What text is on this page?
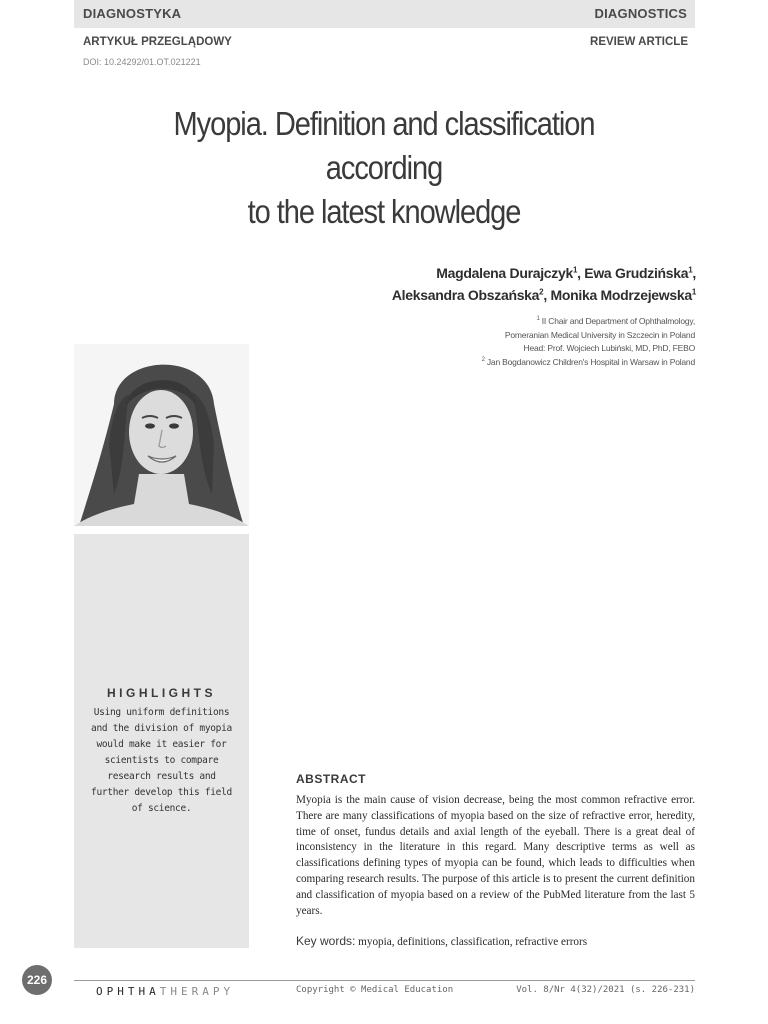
DIAGNOSTYKA	DIAGNOSTICS
ARTYKUŁ PRZEGLĄDOWY	REVIEW ARTICLE
DOI: 10.24292/01.OT.021221
Myopia. Definition and classification according
to the latest knowledge
Magdalena Durajczyk$^1$, Ewa Grudzińska$^1$,
Aleksandra Obszańska$^2$, Monika Modrzejewska$^1$
$^1$ II Chair and Department of Ophthalmology,
Pomeranian Medical University in Szczecin in Poland
Head: Prof. Wojciech Lubiński, MD, PhD, FEBO
$^2$ Jan Bogdanowicz Children's Hospital in Warsaw in Poland
HIGHLIGHTS
Using uniform definitions and the division of myopia would make it easier for scientists to compare research results and further develop this field of science.
ABSTRACT
Myopia is the main cause of vision decrease, being the most common refractive error. There are many classifications of myopia based on the size of refractive error, heredity, time of onset, fundus details and axial length of the eyeball. There is a great deal of inconsistency in the literature in this regard. Many descriptive terms as well as classifications defining types of myopia can be found, which leads to difficulties when comparing research results. The purpose of this article is to present the current definition and classification of myopia based on a review of the PubMed literature from the last 5 years.
Key words: myopia, definitions, classification, refractive errors
226
OPHTHATHERAPY	Copyright © Medical Education	Vol. 8/Nr 4(32)/2021 (s. 226-231)
